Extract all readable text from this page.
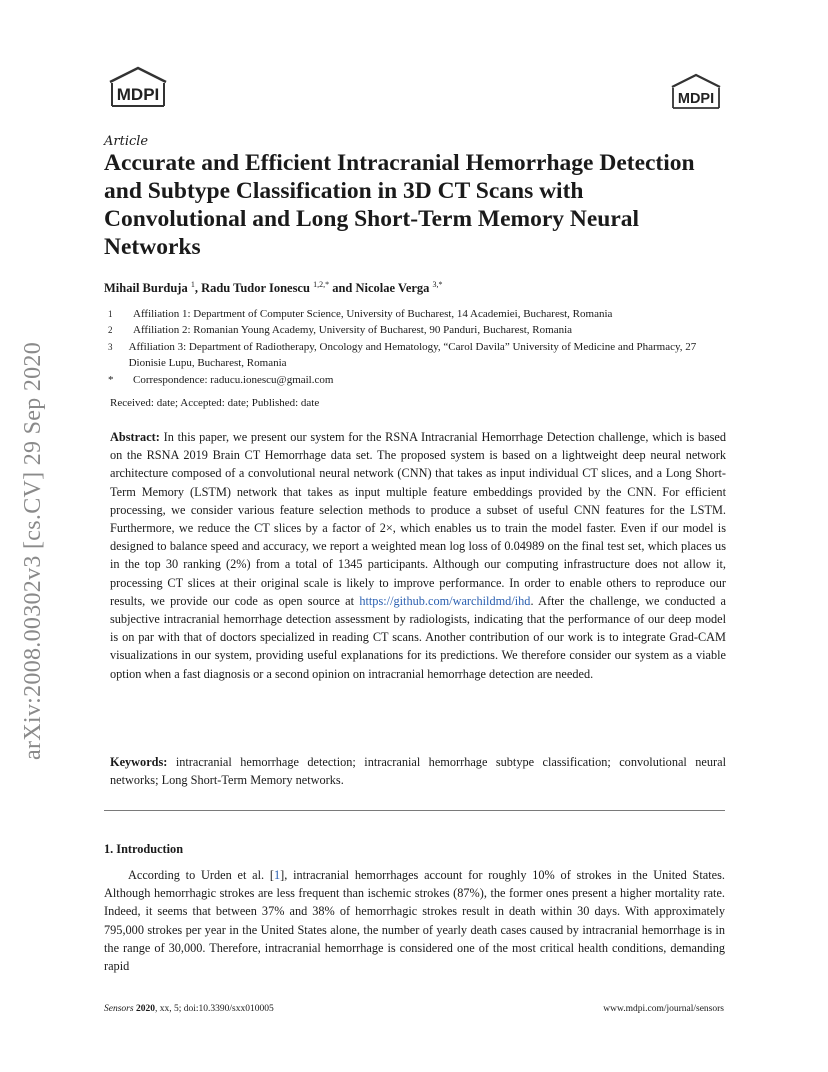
MDPI	MDPI
arXiv:2008.00302v3 [cs.CV] 29 Sep 2020
Article
Accurate and Efficient Intracranial Hemorrhage Detection and Subtype Classification in 3D CT Scans with Convolutional and Long Short-Term Memory Neural Networks
Mihail Burduja $^1$, Radu Tudor Ionescu $^{1,2,*}$ and Nicolae Verga $^{3,*}$
1	Affiliation 1: Department of Computer Science, University of Bucharest, 14 Academiei, Bucharest, Romania
2	Affiliation 2: Romanian Young Academy, University of Bucharest, 90 Panduri, Bucharest, Romania
3	Affiliation 3: Department of Radiotherapy, Oncology and Hematology, “Carol Davila” University of Medicine and Pharmacy, 27 Dionisie Lupu, Bucharest, Romania
*	Correspondence: raducu.ionescu@gmail.com
Received: date; Accepted: date; Published: date

Abstract: In this paper, we present our system for the RSNA Intracranial Hemorrhage Detection challenge, which is based on the RSNA 2019 Brain CT Hemorrhage data set. The proposed system is based on a lightweight deep neural network architecture composed of a convolutional neural network (CNN) that takes as input individual CT slices, and a Long Short-Term Memory (LSTM) network that takes as input multiple feature embeddings provided by the CNN. For efficient processing, we consider various feature selection methods to produce a subset of useful CNN features for the LSTM. Furthermore, we reduce the CT slices by a factor of 2×, which enables us to train the model faster. Even if our model is designed to balance speed and accuracy, we report a weighted mean log loss of 0.04989 on the final test set, which places us in the top 30 ranking (2%) from a total of 1345 participants. Although our computing infrastructure does not allow it, processing CT slices at their original scale is likely to improve performance. In order to enable others to reproduce our results, we provide our code as open source at https://github.com/warchildmd/ihd. After the challenge, we conducted a subjective intracranial hemorrhage detection assessment by radiologists, indicating that the performance of our deep model is on par with that of doctors specialized in reading CT scans. Another contribution of our work is to integrate Grad-CAM visualizations in our system, providing useful explanations for its predictions. We therefore consider our system as a viable option when a fast diagnosis or a second opinion on intracranial hemorrhage detection are needed.

Keywords: intracranial hemorrhage detection; intracranial hemorrhage subtype classification; convolutional neural networks; Long Short-Term Memory networks.

1. Introduction

According to Urden et al. [1], intracranial hemorrhages account for roughly 10% of strokes in the United States. Although hemorrhagic strokes are less frequent than ischemic strokes (87%), the former ones present a higher mortality rate. Indeed, it seems that between 37% and 38% of hemorrhagic strokes result in death within 30 days. With approximately 795,000 strokes per year in the United States alone, the number of yearly death cases caused by intracranial hemorrhage is in the range of 30,000. Therefore, intracranial hemorrhage is considered one of the most critical health conditions, demanding rapid

Sensors 2020, xx, 5; doi:10.3390/sxx010005	www.mdpi.com/journal/sensors
